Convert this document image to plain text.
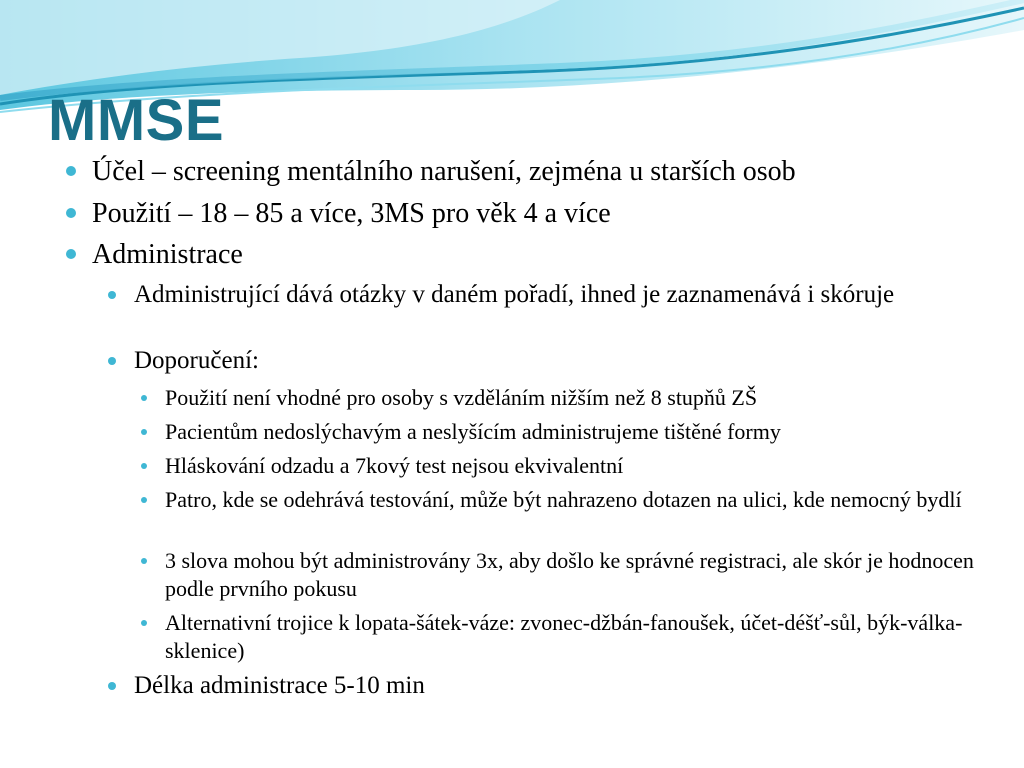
MMSE
Účel – screening mentálního narušení, zejména u starších osob
Použití – 18 – 85 a více, 3MS pro věk 4 a více
Administrace
Administrující dává otázky v daném pořadí, ihned je zaznamenává i skóruje
Doporučení:
Použití není vhodné pro osoby s vzděláním nižším než 8 stupňů ZŠ
Pacientům nedoslýchavým a neslyšícím administrujeme tištěné formy
Hláskování odzadu a 7kový test nejsou ekvivalentní
Patro, kde se odehrává testování, může být nahrazeno dotazen na ulici, kde nemocný bydlí
3 slova mohou být administrovány 3x, aby došlo ke správné registraci, ale skór je hodnocen podle prvního pokusu
Alternativní trojice k lopata-šátek-váze: zvonec-džbán-fanoušek, účet-déšť-sůl, býk-válka-sklenice)
Délka administrace 5-10 min
